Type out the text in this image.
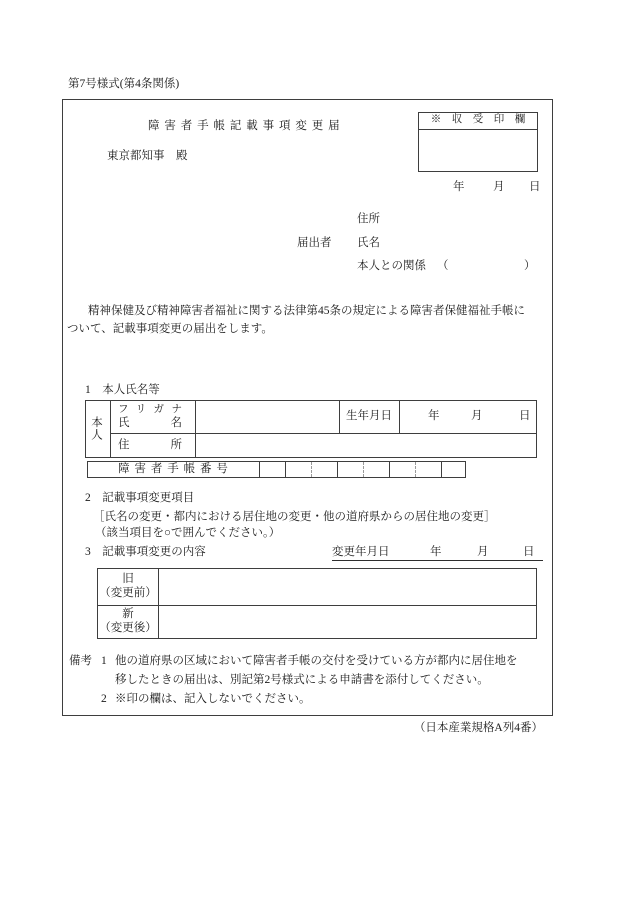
第7号様式(第4条関係)
障 害 者 手 帳 記 載 事 項 変 更 届
東京都知事　殿
※　収　受　印　欄
年 月 日
住所
届出者 氏名
本人との関係 （	）
精神保健及び精神障害者福祉に関する法律第45条の規定による障害者保健福祉手帳に
ついて、記載事項変更の届出をします。
1　本人氏名等
本人
フリガナ
氏名
生年月日	年	月	日
住所
障 害 者 手 帳 番 号
2　記載事項変更項目
［氏名の変更・都内における居住地の変更・他の道府県からの居住地の変更］
（該当項目を○で囲んでください。）
3　記載事項変更の内容	変更年月日	年	月	日
旧
（変更前）
新
（変更後）
備考 1 他の道府県の区域において障害者手帳の交付を受けている方が都内に居住地を
移したときの届出は、別記第2号様式による申請書を添付してください。
2 ※印の欄は、記入しないでください。
（日本産業規格A列4番）
